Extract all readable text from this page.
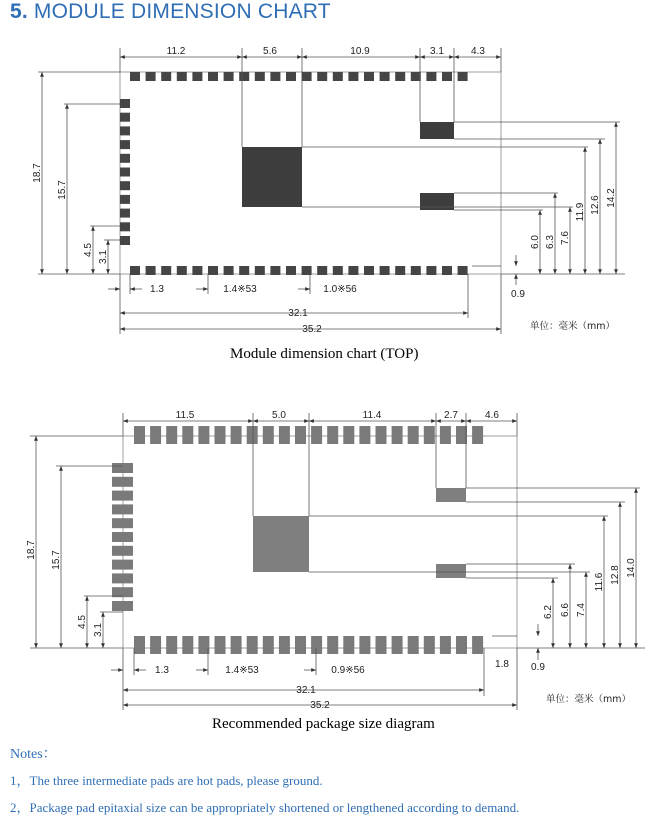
5. MODULE DIMENSION CHART
11.2	5.6	10.9	3.1	4.3
18.7
15.7
4.5
3.1
6.0 6.3 7.6
11.9 12.6 14.2
1.3	1.4※53	1.0※56
32.1
35.2
0.9
单位：毫米（mm）
11.5	5.0	11.4	2.7	4.6
18.7
15.7
4.5
3.1
6.2 6.6 7.4
11.6 12.8 14.0
1.3	1.4※53	0.9※56
32.1
35.2
1.8 0.9
单位：毫米（mm）
Module dimension chart (TOP)
Recommended package size diagram
Notes：
1，The three intermediate pads are hot pads, please ground.
2，Package pad epitaxial size can be appropriately shortened or lengthened according to demand.
